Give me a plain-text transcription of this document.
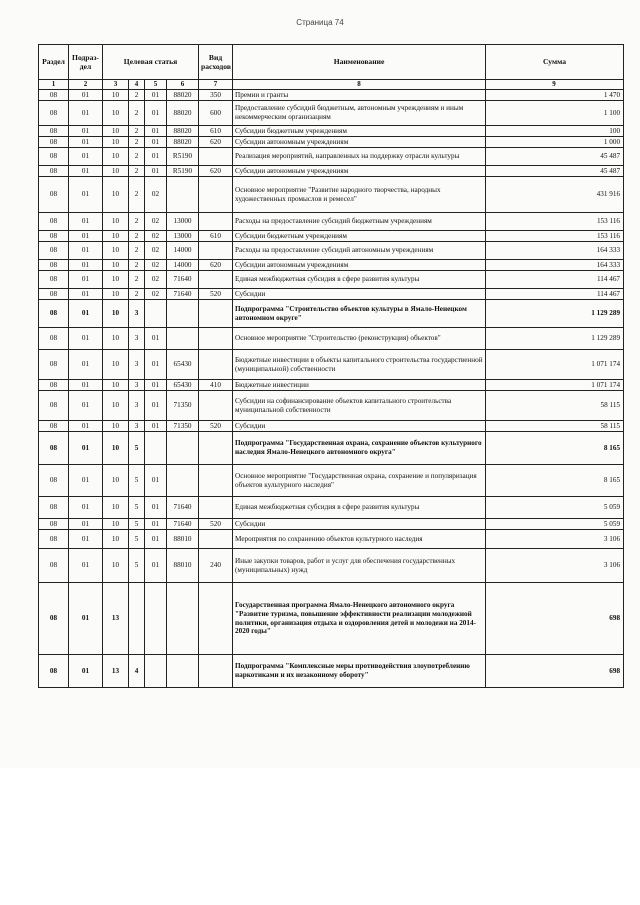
Страница 74
Раздел	Подраз-дел	Целевая статья				Вид расходов	Наименование	Сумма
1	2	3	4	5	6	7	8	9
08	01	10	2	01	88020	350	Премии и гранты	1 470
08	01	10	2	01	88020	600	Предоставление субсидий бюджетным, автономным учреждениям и иным некоммерческим организациям	1 100
08	01	10	2	01	88020	610	Субсидии бюджетным учреждениям	100
08	01	10	2	01	88020	620	Субсидии автономным учреждениям	1 000
08	01	10	2	01	R5190		Реализация мероприятий, направленных на поддержку отрасли культуры	45 487
08	01	10	2	01	R5190	620	Субсидии автономным учреждениям	45 487
08	01	10	2	02			Основное мероприятие "Развитие народного творчества, народных художественных промыслов и ремесел"	431 916
08	01	10	2	02	13000		Расходы на предоставление субсидий бюджетным учреждениям	153 116
08	01	10	2	02	13000	610	Субсидии бюджетным учреждениям	153 116
08	01	10	2	02	14000		Расходы на предоставление субсидий автономным учреждениям	164 333
08	01	10	2	02	14000	620	Субсидии автономным учреждениям	164 333
08	01	10	2	02	71640		Единая межбюджетная субсидия в сфере развития культуры	114 467
08	01	10	2	02	71640	520	Субсидии	114 467
08	01	10	3				Подпрограмма "Строительство объектов культуры в Ямало-Ненецком автономном округе"	1 129 289
08	01	10	3	01			Основное мероприятие "Строительство (реконструкция) объектов"	1 129 289
08	01	10	3	01	65430		Бюджетные инвестиции в объекты капитального строительства государственной (муниципальной) собственности	1 071 174
08	01	10	3	01	65430	410	Бюджетные инвестиции	1 071 174
08	01	10	3	01	71350		Субсидии на софинансирование объектов капитального строительства муниципальной собственности	58 115
08	01	10	3	01	71350	520	Субсидии	58 115
08	01	10	5				Подпрограмма "Государственная охрана, сохранение объектов культурного наследия Ямало-Ненецкого автономного округа"	8 165
08	01	10	5	01			Основное мероприятие "Государственная охрана, сохранение и популяризация объектов культурного наследия"	8 165
08	01	10	5	01	71640		Единая межбюджетная субсидия в сфере развития культуры	5 059
08	01	10	5	01	71640	520	Субсидии	5 059
08	01	10	5	01	88010		Мероприятия по сохранению объектов культурного наследия	3 106
08	01	10	5	01	88010	240	Иные закупки товаров, работ и услуг для обеспечения государственных (муниципальных) нужд	3 106
08	01	13					Государственная программа Ямало-Ненецкого автономного округа "Развитие туризма, повышение эффективности реализации молодежной политики, организация отдыха и оздоровления детей и молодежи на 2014-2020 годы"	698
08	01	13	4				Подпрограмма "Комплексные меры противодействия злоупотреблению наркотиками и их незаконному обороту"	698
